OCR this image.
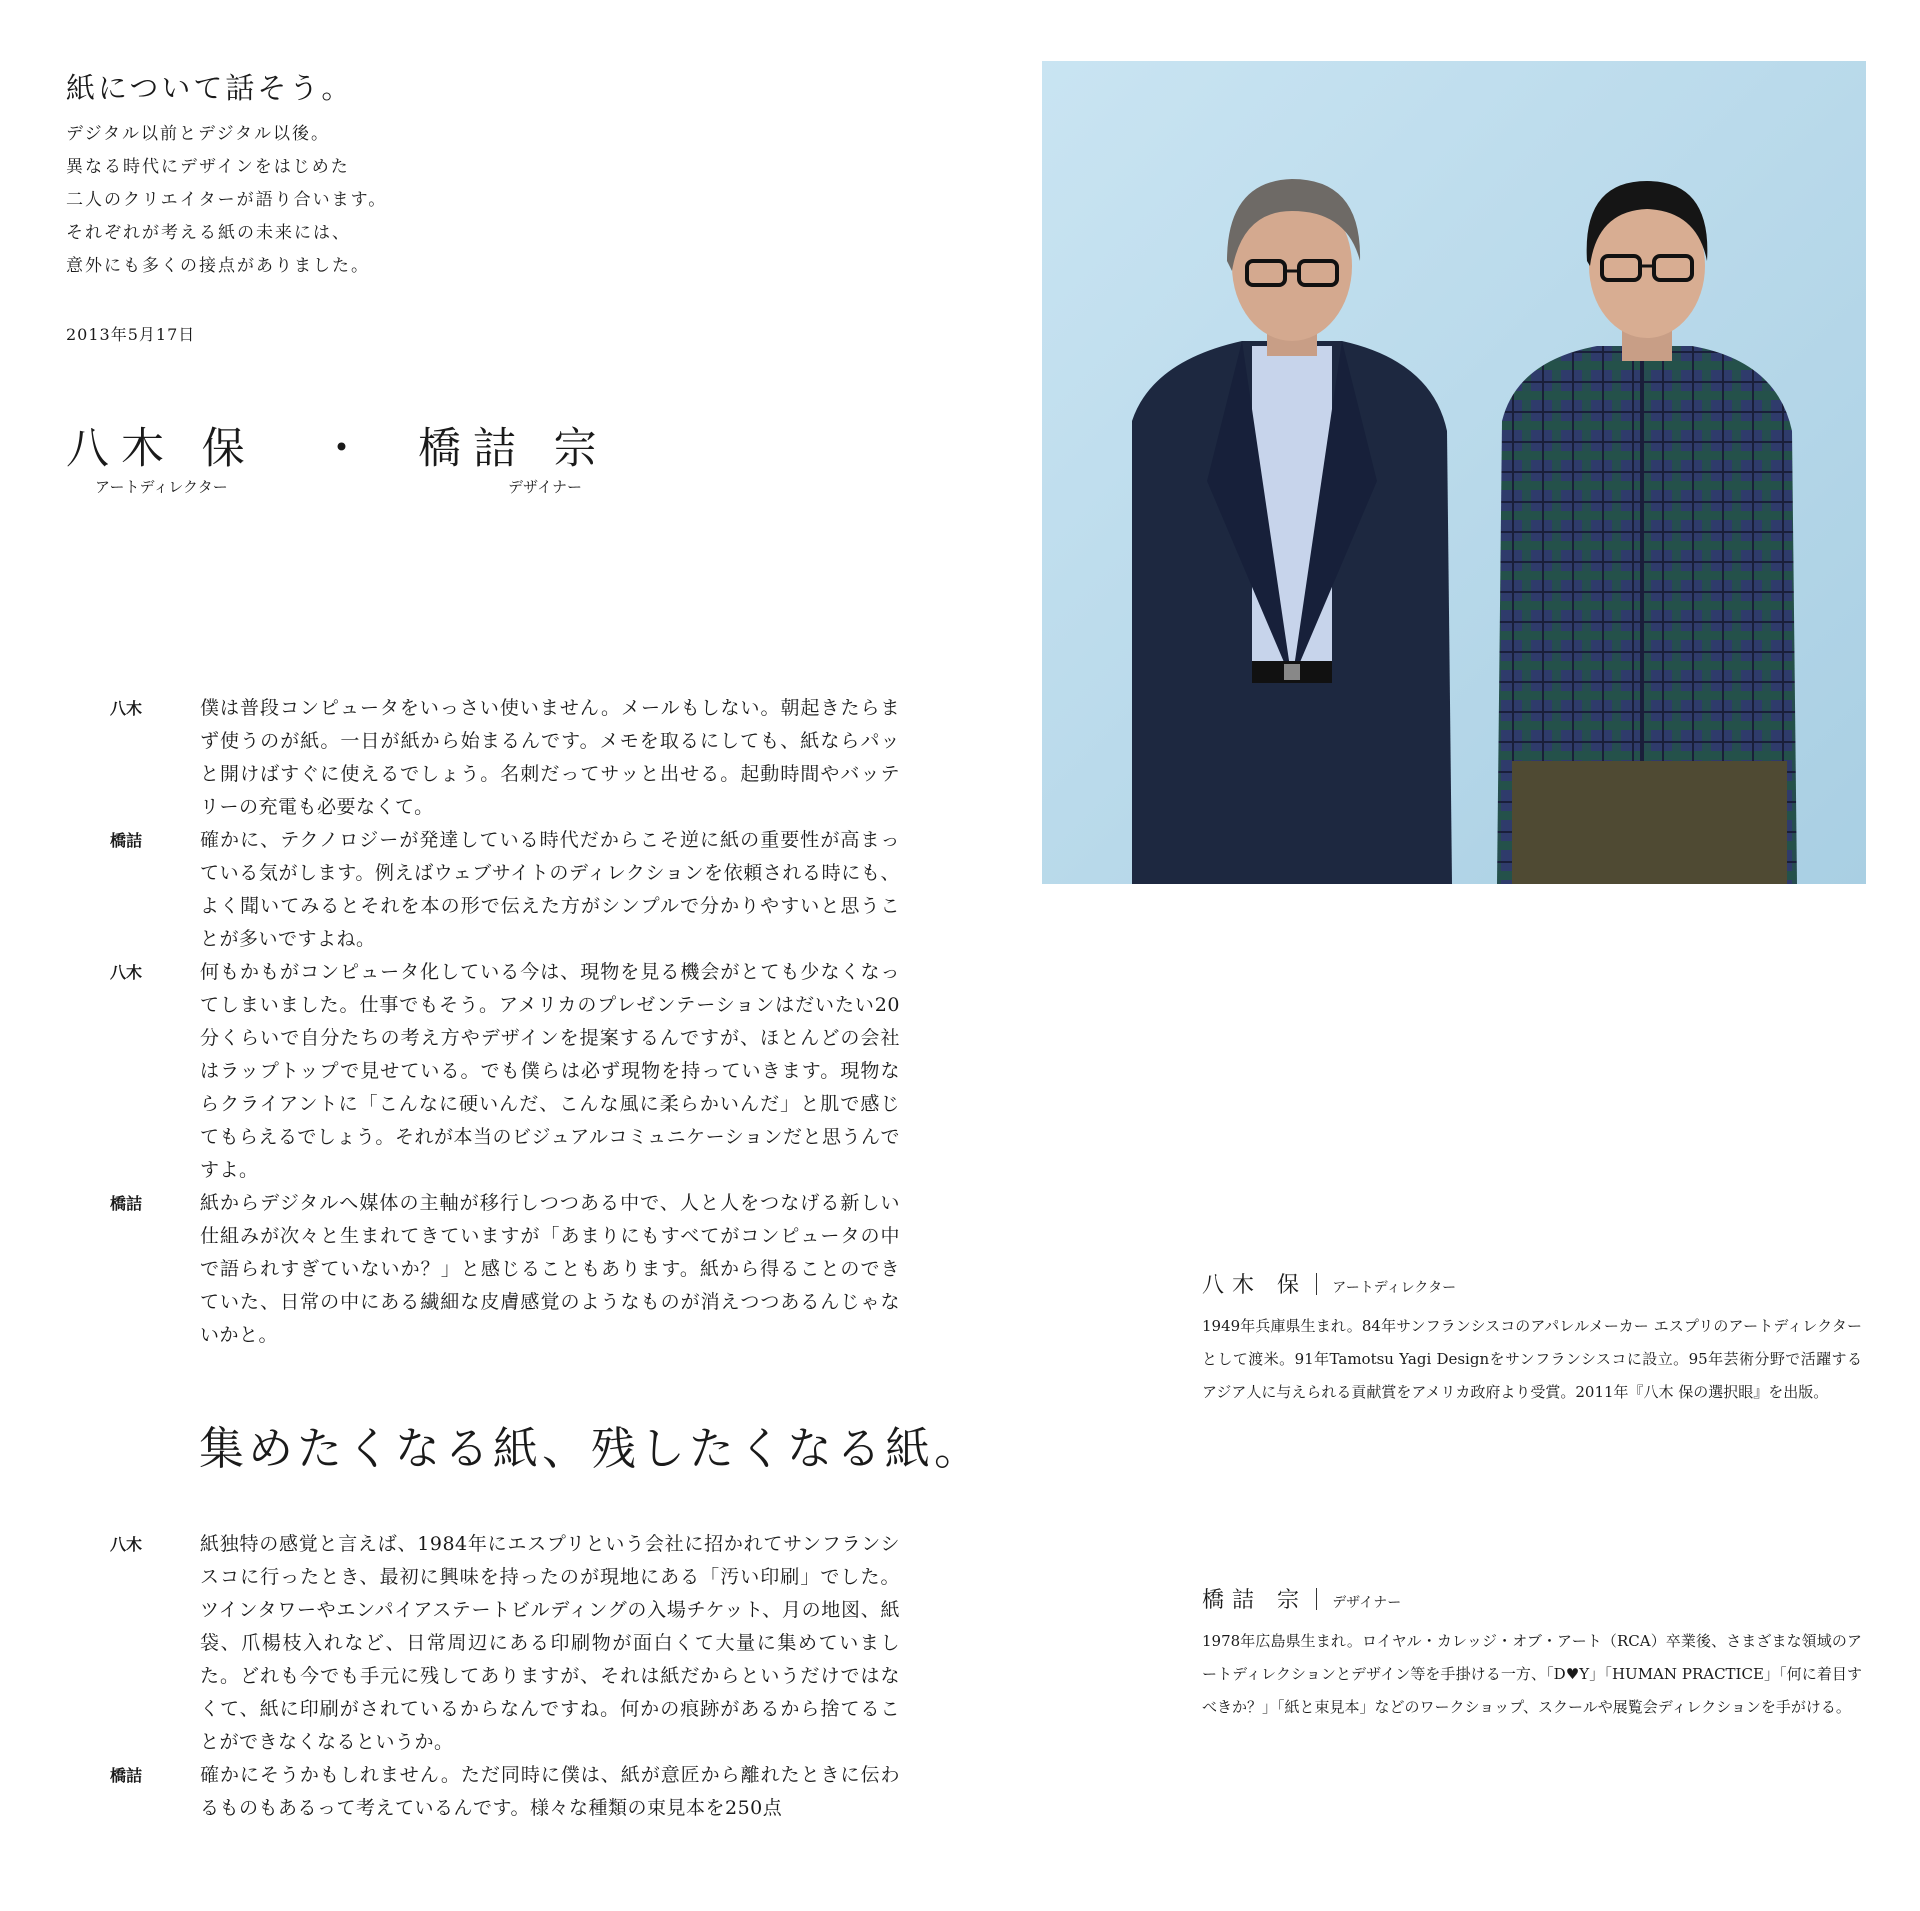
紙について話そう。
デジタル以前とデジタル以後。
異なる時代にデザインをはじめた
二人のクリエイターが語り合います。
それぞれが考える紙の未来には、
意外にも多くの接点がありました。
2013年5月17日
八木 保 ・ 橋詰 宗
アートディレクター	デザイナー
八木	僕は普段コンピュータをいっさい使いません。メールもしない。朝起きたらまず使うのが紙。一日が紙から始まるんです。メモを取るにしても、紙ならパッと開けばすぐに使えるでしょう。名刺だってサッと出せる。起動時間やバッテリーの充電も必要なくて。
橋詰	確かに、テクノロジーが発達している時代だからこそ逆に紙の重要性が高まっている気がします。例えばウェブサイトのディレクションを依頼される時にも、よく聞いてみるとそれを本の形で伝えた方がシンプルで分かりやすいと思うことが多いですよね。
八木	何もかもがコンピュータ化している今は、現物を見る機会がとても少なくなってしまいました。仕事でもそう。アメリカのプレゼンテーションはだいたい20分くらいで自分たちの考え方やデザインを提案するんですが、ほとんどの会社はラップトップで見せている。でも僕らは必ず現物を持っていきます。現物ならクライアントに「こんなに硬いんだ、こんな風に柔らかいんだ」と肌で感じてもらえるでしょう。それが本当のビジュアルコミュニケーションだと思うんですよ。
橋詰	紙からデジタルへ媒体の主軸が移行しつつある中で、人と人をつなげる新しい仕組みが次々と生まれてきていますが「あまりにもすべてがコンピュータの中で語られすぎていないか？」と感じることもあります。紙から得ることのできていた、日常の中にある繊細な皮膚感覚のようなものが消えつつあるんじゃないかと。
集めたくなる紙、残したくなる紙。
八木	紙独特の感覚と言えば、1984年にエスプリという会社に招かれてサンフランシスコに行ったとき、最初に興味を持ったのが現地にある「汚い印刷」でした。ツインタワーやエンパイアステートビルディングの入場チケット、月の地図、紙袋、爪楊枝入れなど、日常周辺にある印刷物が面白くて大量に集めていました。どれも今でも手元に残してありますが、それは紙だからというだけではなくて、紙に印刷がされているからなんですね。何かの痕跡があるから捨てることができなくなるというか。
橋詰	確かにそうかもしれません。ただ同時に僕は、紙が意匠から離れたときに伝わるものもあるって考えているんです。様々な種類の束見本を250点
八木 保 アートディレクター
1949年兵庫県生まれ。84年サンフランシスコのアパレルメーカー エスプリのアートディレクターとして渡米。91年Tamotsu Yagi Designをサンフランシスコに設立。95年芸術分野で活躍するアジア人に与えられる貢献賞をアメリカ政府より受賞。2011年『八木 保の選択眼』を出版。
橋詰 宗 デザイナー
1978年広島県生まれ。ロイヤル・カレッジ・オブ・アート（RCA）卒業後、さまざまな領域のアートディレクションとデザイン等を手掛ける一方、「D♥Y」「HUMAN PRACTICE」「何に着目すべきか？」「紙と束見本」などのワークショップ、スクールや展覧会ディレクションを手がける。
